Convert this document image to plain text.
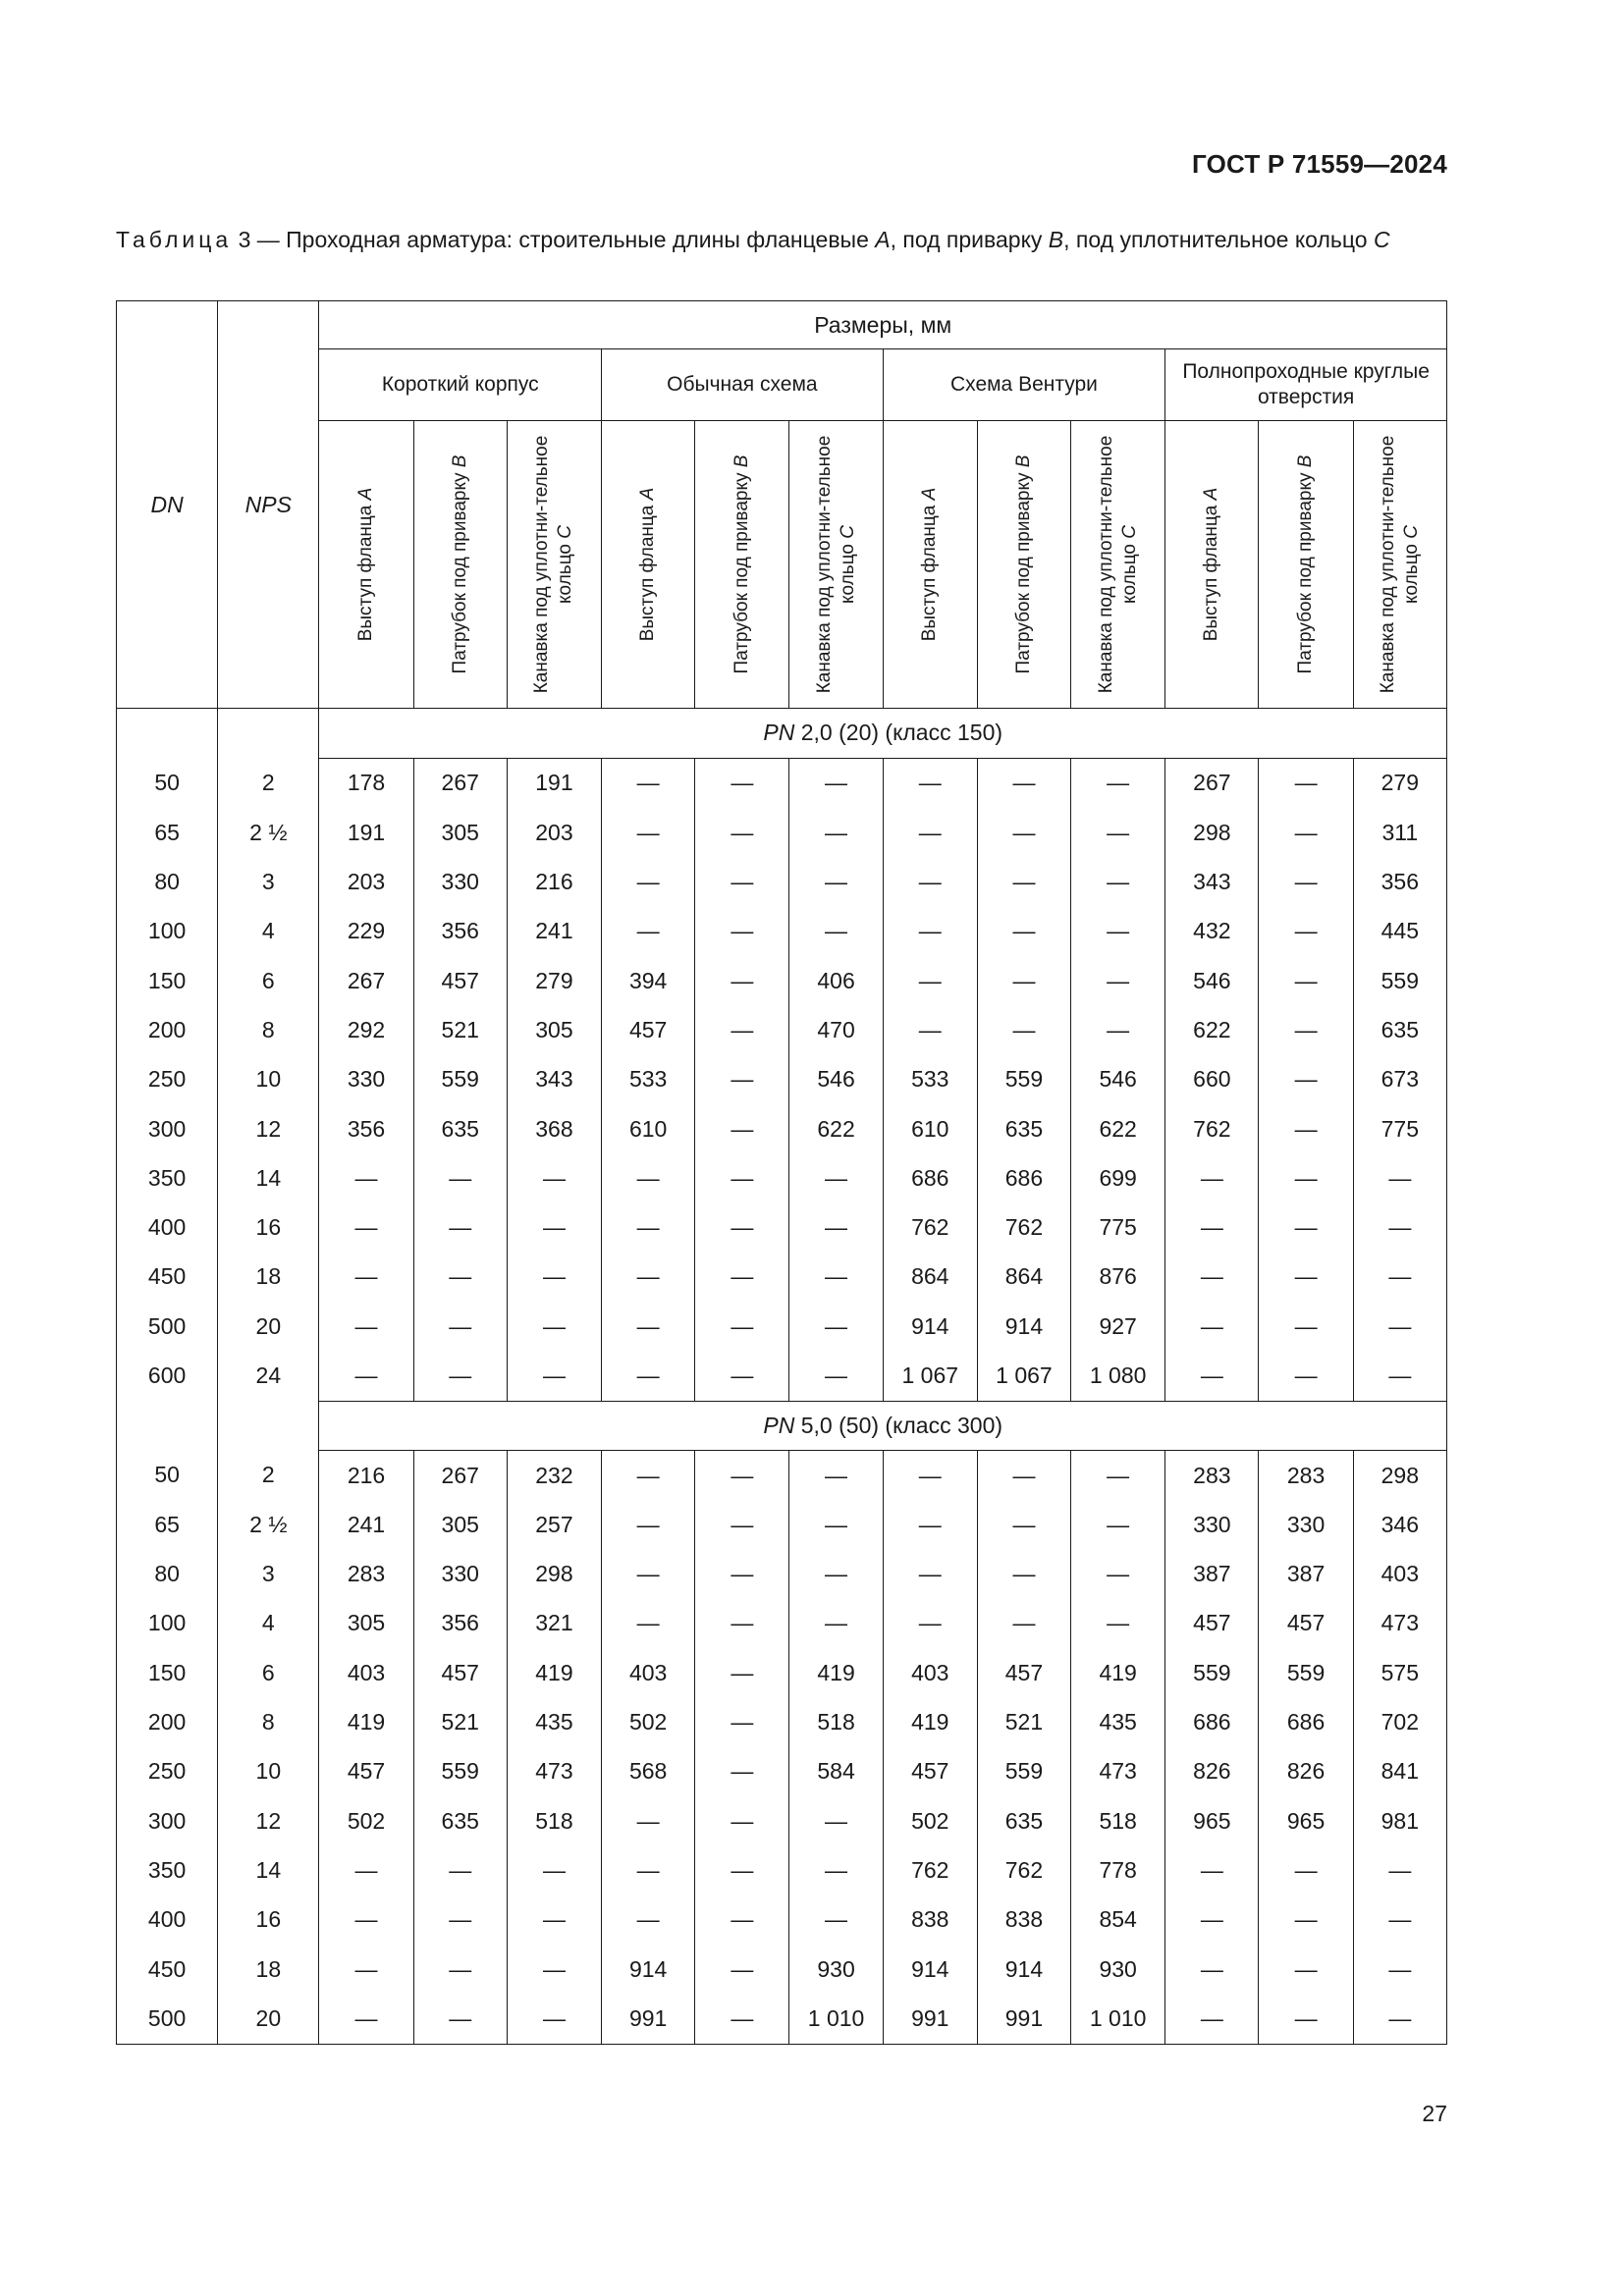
ГОСТ Р 71559—2024
Таблица 3 — Проходная арматура: строительные длины фланцевые A, под приварку B, под уплотнительное кольцо C
DN	NPS	Размеры, мм											
		Короткий корпус			Обычная схема			Схема Вентури			Полнопроходные круглые отверстия		

		Выступ фланца A	Патрубок под приварку B	Канавка под уплотни-тельное кольцо C	Выступ фланца A	Патрубок под приварку B	Канавка под уплотни-тельное кольцо C	Выступ фланца A	Патрубок под приварку B	Канавка под уплотни-тельное кольцо C	Выступ фланца A	Патрубок под приварку B	Канавка под уплотни-тельное кольцо C

		PN 2,0 (20) (класс 150)											
50	2	178	267	191	—	—	—	—	—	—	267	—	279
65	2 ½	191	305	203	—	—	—	—	—	—	298	—	311
80	3	203	330	216	—	—	—	—	—	—	343	—	356
100	4	229	356	241	—	—	—	—	—	—	432	—	445
150	6	267	457	279	394	—	406	—	—	—	546	—	559
200	8	292	521	305	457	—	470	—	—	—	622	—	635
250	10	330	559	343	533	—	546	533	559	546	660	—	673
300	12	356	635	368	610	—	622	610	635	622	762	—	775
350	14	—	—	—	—	—	—	686	686	699	—	—	—
400	16	—	—	—	—	—	—	762	762	775	—	—	—
450	18	—	—	—	—	—	—	864	864	876	—	—	—
500	20	—	—	—	—	—	—	914	914	927	—	—	—
600	24	—	—	—	—	—	—	1 067	1 067	1 080	—	—	—
		PN 5,0 (50) (класс 300)											
50	2	216	267	232	—	—	—	—	—	—	283	283	298
65	2 ½	241	305	257	—	—	—	—	—	—	330	330	346
80	3	283	330	298	—	—	—	—	—	—	387	387	403
100	4	305	356	321	—	—	—	—	—	—	457	457	473
150	6	403	457	419	403	—	419	403	457	419	559	559	575
200	8	419	521	435	502	—	518	419	521	435	686	686	702
250	10	457	559	473	568	—	584	457	559	473	826	826	841
300	12	502	635	518	—	—	—	502	635	518	965	965	981
350	14	—	—	—	—	—	—	762	762	778	—	—	—
400	16	—	—	—	—	—	—	838	838	854	—	—	—
450	18	—	—	—	914	—	930	914	914	930	—	—	—
500	20	—	—	—	991	—	1 010	991	991	1 010	—	—	—
27
